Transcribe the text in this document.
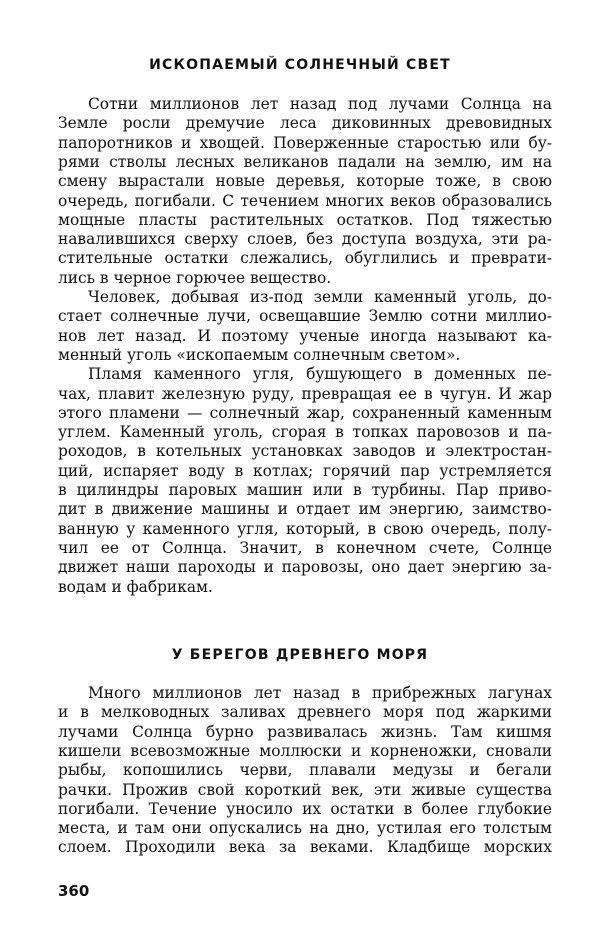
ИСКОПАЕМЫЙ СОЛНЕЧНЫЙ СВЕТ
Сотни миллионов лет назад под лучами Солнца на
Земле росли дремучие леса диковинных древовидных
папоротников и хвощей. Поверженные старостью или бу-
рями стволы лесных великанов падали на землю, им на
смену вырастали новые деревья, которые тоже, в свою
очередь, погибали. С течением многих веков образовались
мощные пласты растительных остатков. Под тяжестью
навалившихся сверху слоев, без доступа воздуха, эти ра-
стительные остатки слежались, обуглились и преврати-
лись в черное горючее вещество.
Человек, добывая из-под земли каменный уголь, до-
стает солнечные лучи, освещавшие Землю сотни миллио-
нов лет назад. И поэтому ученые иногда называют ка-
менный уголь «ископаемым солнечным светом».
Пламя каменного угля, бушующего в доменных пе-
чах, плавит железную руду, превращая ее в чугун. И жар
этого пламени — солнечный жар, сохраненный каменным
углем. Каменный уголь, сгорая в топках паровозов и па-
роходов, в котельных установках заводов и электростан-
ций, испаряет воду в котлах; горячий пар устремляется
в цилиндры паровых машин или в турбины. Пар приво-
дит в движение машины и отдает им энергию, заимство-
ванную у каменного угля, который, в свою очередь, полу-
чил ее от Солнца. Значит, в конечном счете, Солнце
движет наши пароходы и паровозы, оно дает энергию за-
водам и фабрикам.
У БЕРЕГОВ ДРЕВНЕГО МОРЯ
Много миллионов лет назад в прибрежных лагунах
и в мелководных заливах древнего моря под жаркими
лучами Солнца бурно развивалась жизнь. Там кишмя
кишели всевозможные моллюски и корненожки, сновали
рыбы, копошились черви, плавали медузы и бегали
рачки. Прожив свой короткий век, эти живые существа
погибали. Течение уносило их остатки в более глубокие
места, и там они опускались на дно, устилая его толстым
слоем. Проходили века за веками. Кладбище морских
360
